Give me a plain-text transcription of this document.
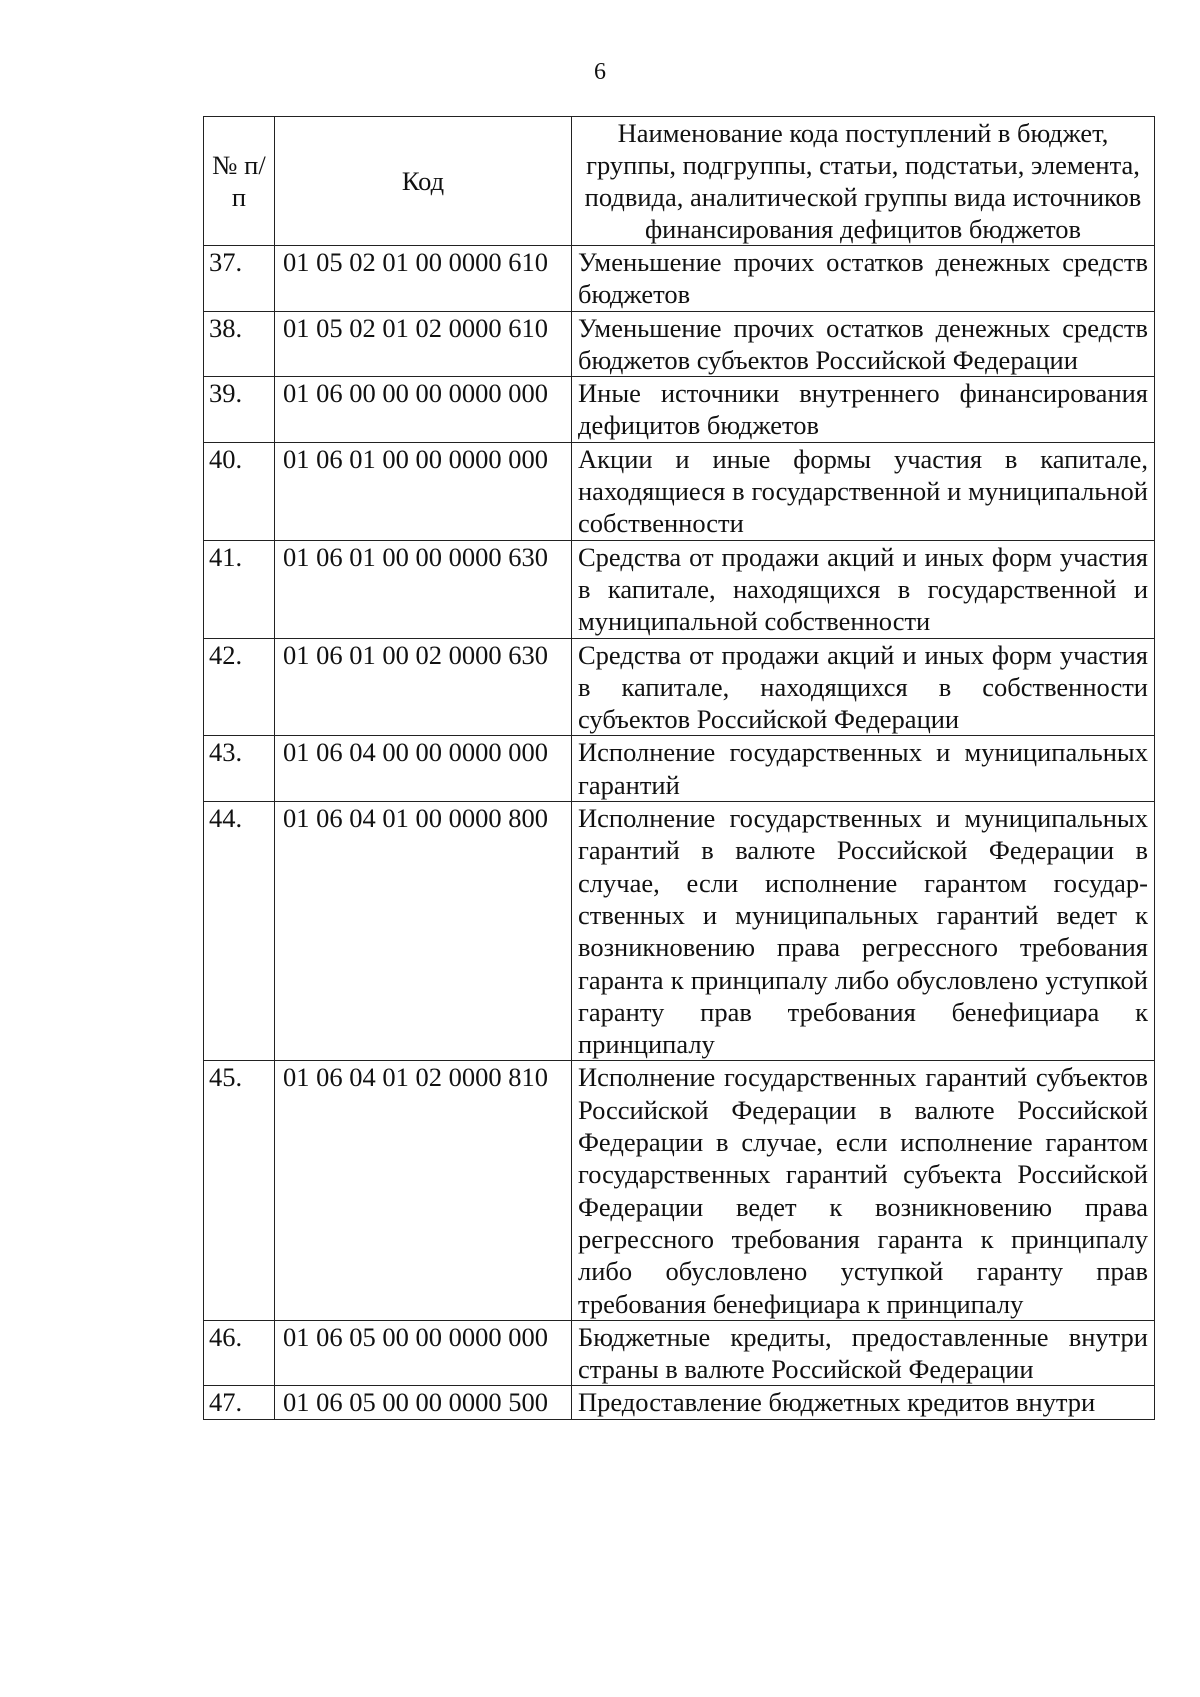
6
№ п/п	Код	Наименование кода поступлений в бюджет, группы, подгруппы, статьи, подстатьи, элемента, подвида, аналитической группы вида источников финансирования дефицитов бюджетов
37.	01 05 02 01 00 0000 610	Уменьшение прочих остатков денежных средств бюджетов
38.	01 05 02 01 02 0000 610	Уменьшение прочих остатков денежных средств бюджетов субъектов Российской Федерации
39.	01 06 00 00 00 0000 000	Иные источники внутреннего финансирования дефицитов бюджетов
40.	01 06 01 00 00 0000 000	Акции и иные формы участия в капитале, находящиеся в государственной и муниципальной собственности
41.	01 06 01 00 00 0000 630	Средства от продажи акций и иных форм участия в капитале, находящихся в государственной и муниципальной собственности
42.	01 06 01 00 02 0000 630	Средства от продажи акций и иных форм участия в капитале, находящихся в собственности субъектов Российской Федерации
43.	01 06 04 00 00 0000 000	Исполнение государственных и муниципальных гарантий
44.	01 06 04 01 00 0000 800	Исполнение государственных и муниципальных гарантий в валюте Российской Федерации в случае, если исполнение гарантом государственных и муниципальных гарантий ведет к возникновению права регрессного требования гаранта к принципалу либо обусловлено уступкой гаранту прав требования бенефициара к принципалу
45.	01 06 04 01 02 0000 810	Исполнение государственных гарантий субъектов Российской Федерации в валюте Российской Федерации в случае, если исполнение гарантом государственных гарантий субъекта Российской Федерации ведет к возникновению права регрессного требования гаранта к принципалу либо обусловлено уступкой гаранту прав требования бенефициара к принципалу
46.	01 06 05 00 00 0000 000	Бюджетные кредиты, предоставленные внутри страны в валюте Российской Федерации
47.	01 06 05 00 00 0000 500	Предоставление бюджетных кредитов внутри
